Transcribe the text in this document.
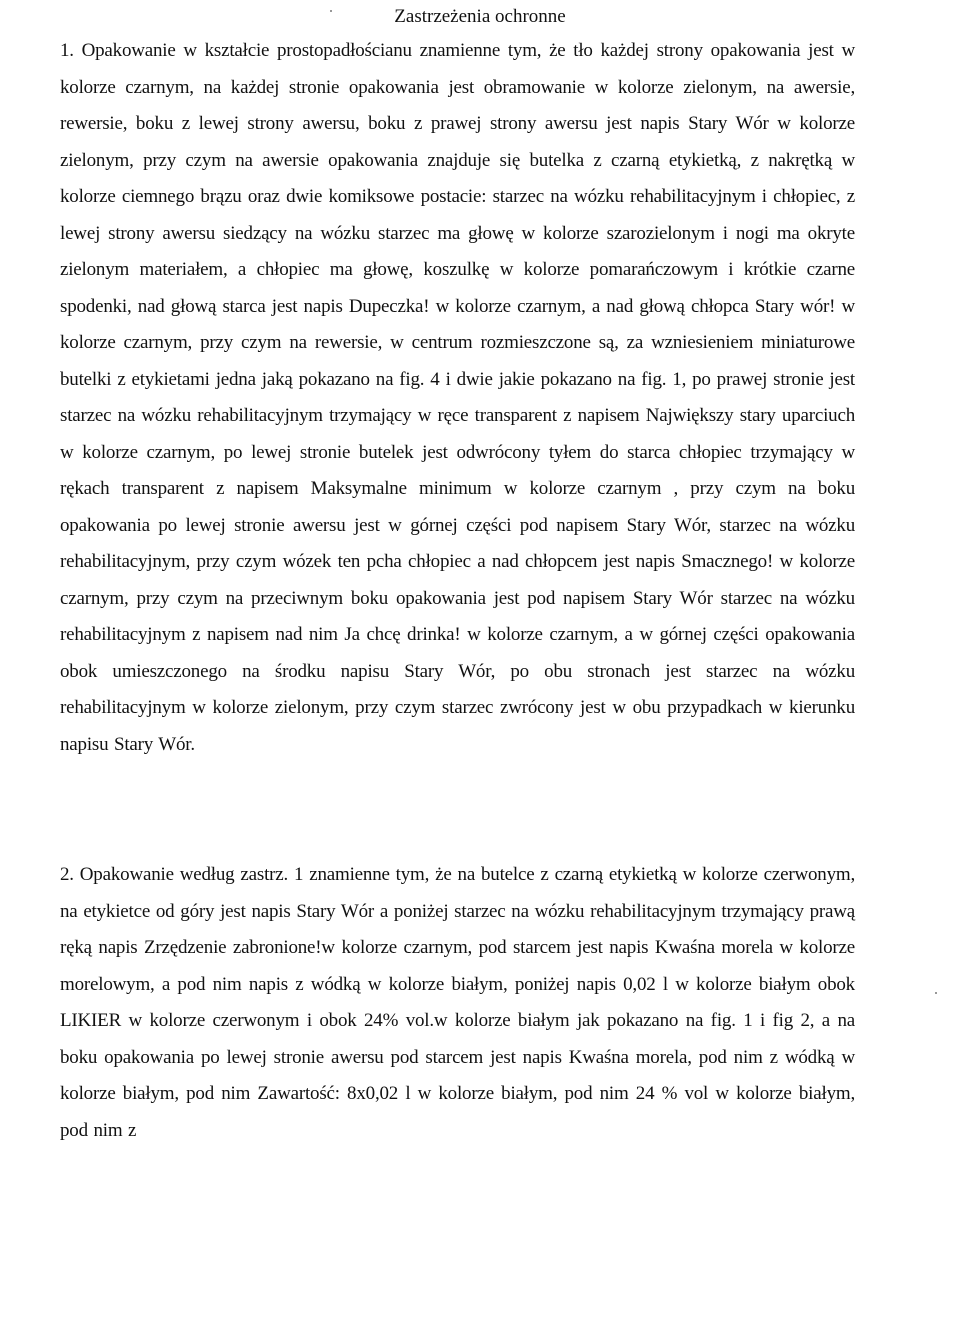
Zastrzeżenia ochronne

1. Opakowanie w kształcie prostopadłościanu znamienne tym, że tło każdej strony opakowania jest w kolorze czarnym, na każdej stronie opakowania jest obramowanie w kolorze zielonym, na awersie, rewersie, boku z lewej strony awersu, boku z prawej strony awersu jest napis Stary Wór w kolorze zielonym, przy czym na awersie opakowania znajduje się butelka z czarną etykietką, z nakrętką w kolorze ciemnego brązu oraz dwie komiksowe postacie: starzec na wózku rehabilitacyjnym i chłopiec, z lewej strony awersu siedzący na wózku starzec ma głowę w kolorze szarozielonym i nogi ma okryte zielonym materiałem, a chłopiec ma głowę, koszulkę w kolorze pomarańczowym i krótkie czarne spodenki, nad głową starca jest napis Dupeczka! w kolorze czarnym, a nad głową chłopca Stary wór! w kolorze czarnym, przy czym na rewersie, w centrum rozmieszczone są, za wzniesieniem miniaturowe butelki z etykietami jedna jaką pokazano na fig. 4 i dwie jakie pokazano na fig. 1, po prawej stronie jest starzec na wózku rehabilitacyjnym trzymający w ręce transparent z napisem Największy stary uparciuch w kolorze czarnym, po lewej stronie butelek jest odwrócony tyłem do starca chłopiec trzymający w rękach transparent z napisem Maksymalne minimum w kolorze czarnym , przy czym na boku opakowania po lewej stronie awersu jest w górnej części pod napisem Stary Wór, starzec na wózku rehabilitacyjnym, przy czym wózek ten pcha chłopiec a nad chłopcem jest napis Smacznego! w kolorze czarnym, przy czym na przeciwnym boku opakowania jest pod napisem Stary Wór starzec na wózku rehabilitacyjnym z napisem nad nim Ja chcę drinka! w kolorze czarnym, a w górnej części opakowania obok umieszczonego na środku napisu Stary Wór, po obu stronach jest starzec na wózku rehabilitacyjnym w kolorze zielonym, przy czym starzec zwrócony jest w obu przypadkach w kierunku napisu Stary Wór.

2. Opakowanie według zastrz. 1 znamienne tym, że na butelce z czarną etykietką w kolorze czerwonym, na etykietce od góry jest napis Stary Wór a poniżej starzec na wózku rehabilitacyjnym trzymający prawą ręką napis Zrzędzenie zabronione!w kolorze czarnym, pod starcem jest napis Kwaśna morela w kolorze morelowym, a pod nim napis z wódką w kolorze białym, poniżej napis 0,02 l w kolorze białym obok LIKIER w kolorze czerwonym i obok 24% vol.w kolorze białym jak pokazano na fig. 1 i fig 2, a na boku opakowania po lewej stronie awersu pod starcem jest napis Kwaśna morela, pod nim z wódką w kolorze białym, pod nim Zawartość: 8x0,02 l w kolorze białym, pod nim 24 % vol w kolorze białym, pod nim z
